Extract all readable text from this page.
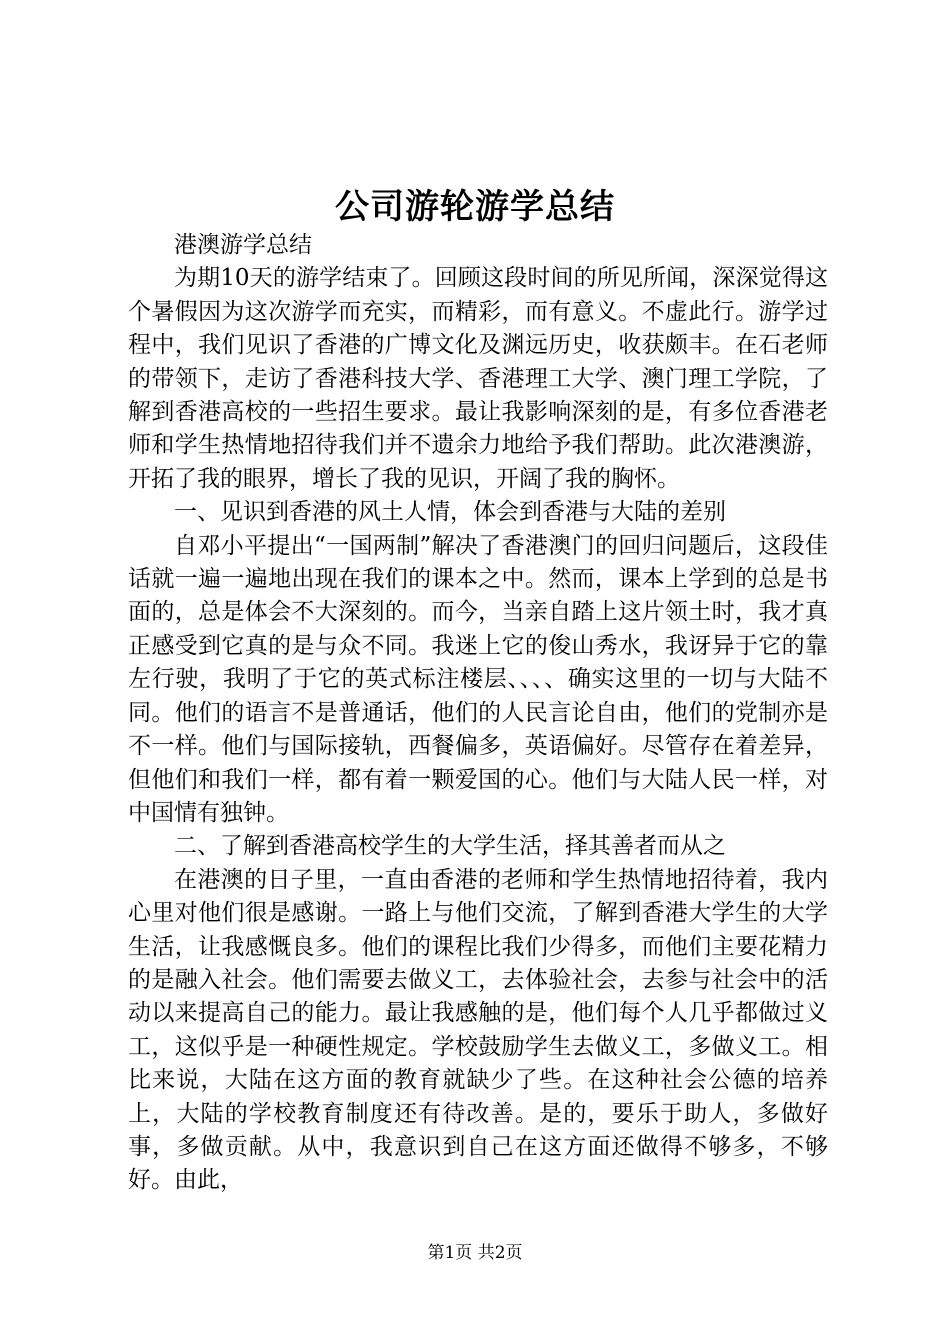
公司游轮游学总结

港澳游学总结

为期10天的游学结束了。回顾这段时间的所见所闻，深深觉得这个暑假因为这次游学而充实，而精彩，而有意义。不虚此行。游学过程中，我们见识了香港的广博文化及渊远历史，收获颇丰。在石老师的带领下，走访了香港科技大学、香港理工大学、澳门理工学院，了解到香港高校的一些招生要求。最让我影响深刻的是，有多位香港老师和学生热情地招待我们并不遗余力地给予我们帮助。此次港澳游，开拓了我的眼界，增长了我的见识，开阔了我的胸怀。

一、见识到香港的风土人情，体会到香港与大陆的差别

自邓小平提出“一国两制”解决了香港澳门的回归问题后，这段佳话就一遍一遍地出现在我们的课本之中。然而，课本上学到的总是书面的，总是体会不大深刻的。而今，当亲自踏上这片领土时，我才真正感受到它真的是与众不同。我迷上它的俊山秀水，我讶异于它的靠左行驶，我明了于它的英式标注楼层、、、、确实这里的一切与大陆不同。他们的语言不是普通话，他们的人民言论自由，他们的党制亦是不一样。他们与国际接轨，西餐偏多，英语偏好。尽管存在着差异，但他们和我们一样，都有着一颗爱国的心。他们与大陆人民一样，对中国情有独钟。

二、了解到香港高校学生的大学生活，择其善者而从之

在港澳的日子里，一直由香港的老师和学生热情地招待着，我内心里对他们很是感谢。一路上与他们交流，了解到香港大学生的大学生活，让我感慨良多。他们的课程比我们少得多，而他们主要花精力的是融入社会。他们需要去做义工，去体验社会，去参与社会中的活动以来提高自己的能力。最让我感触的是，他们每个人几乎都做过义工，这似乎是一种硬性规定。学校鼓励学生去做义工，多做义工。相比来说，大陆在这方面的教育就缺少了些。在这种社会公德的培养上，大陆的学校教育制度还有待改善。是的，要乐于助人，多做好事，多做贡献。从中，我意识到自己在这方面还做得不够多，不够好。由此，

第1页 共2页
